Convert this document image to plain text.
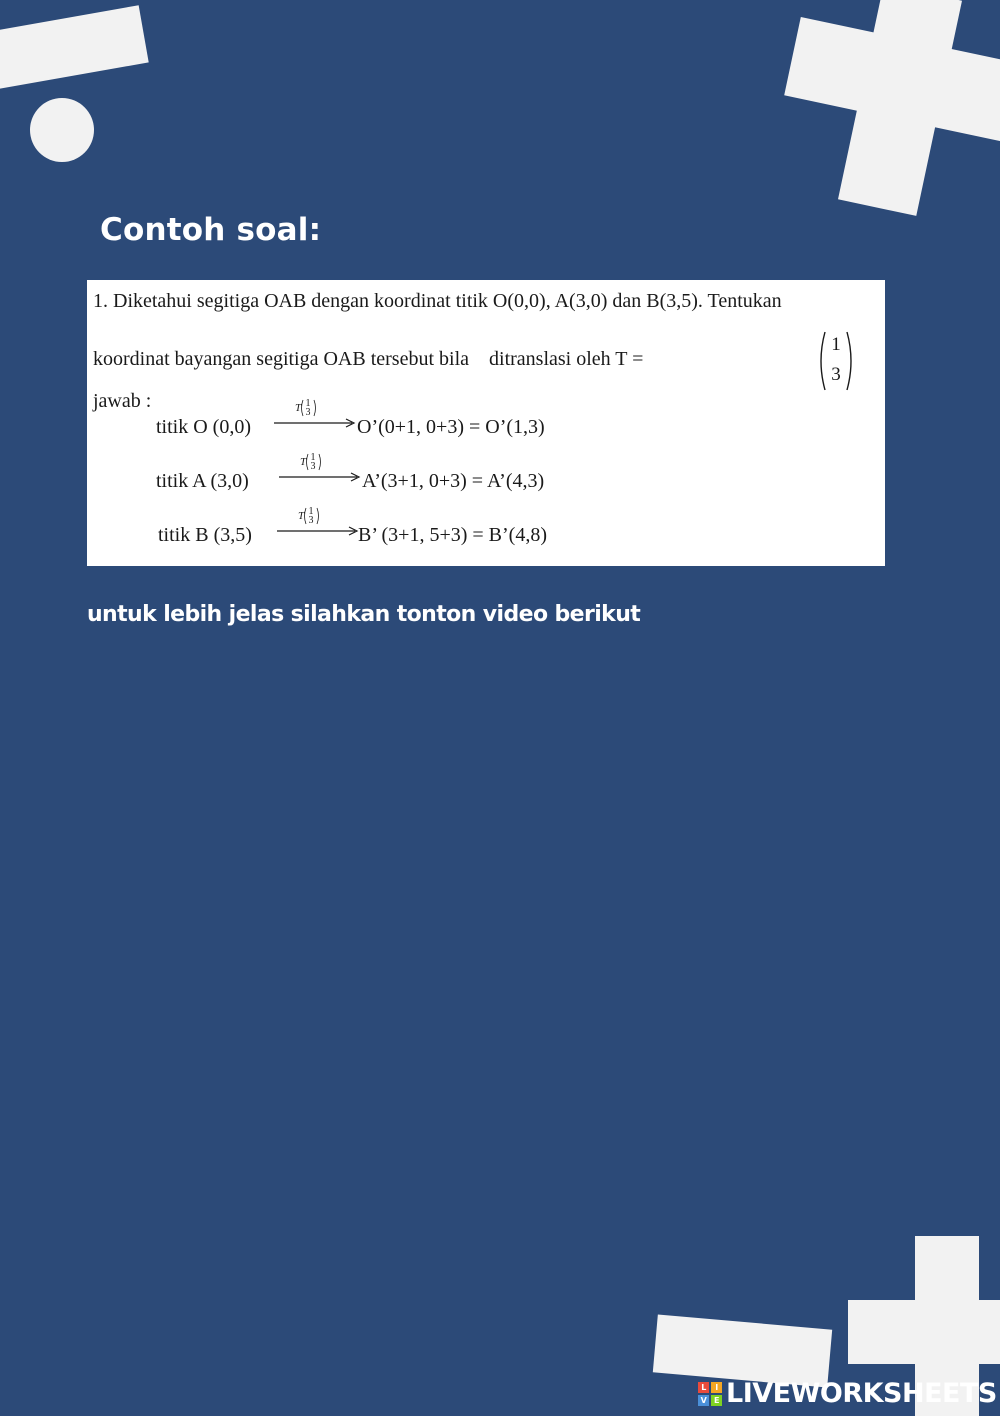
Contoh soal:
1. Diketahui segitiga OAB dengan koordinat titik O(0,0), A(3,0) dan B(3,5). Tentukan
koordinat bayangan segitiga OAB tersebut bila    ditranslasi oleh T =
1
3
jawab :
titik O (0,0)
T 1
3
O’(0+1, 0+3) = O’(1,3)
titik A (3,0)
T 1
3
A’(3+1, 0+3) = A’(4,3)
titik B (3,5)
T 1
3
B’ (3+1, 5+3) = B’(4,8)
untuk lebih jelas silahkan tonton video berikut
L	I
V E LIVEWORKSHEETS
